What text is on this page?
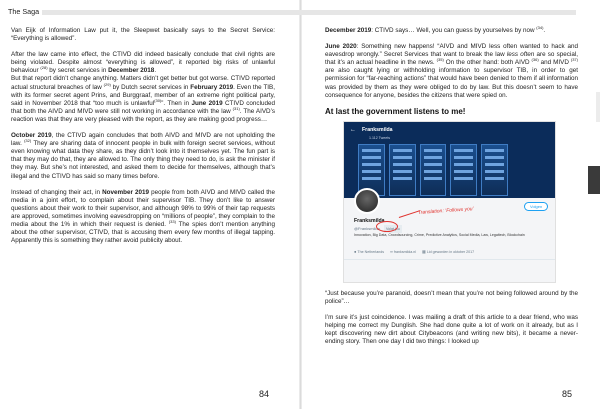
The Saga

Van Eijk of Information Law put it, the Sleepwet basically says to the Secret Service: “Everything is allowed”.

After the law came into effect, the CTIVD did indeed basically conclude that civil rights are being violated. Despite almost “everything is allowed”, it reported big risks of unlawful behaviour $^{(28)}$ by secret services in December 2018.

But that report didn’t change anything. Matters didn’t get better but got worse. CTIVD reported actual structural breaches of law $^{(29)}$ by Dutch secret services in February 2019. Even the TIB, with its former secret agent Prins, and Burggraaf, member of an extreme right political party, said in November 2018 that “too much is unlawful$^{(30)}$”. Then in June 2019 CTIVD concluded that both the AIVD and MIVD were still not working in accordance with the law $^{(31)}$. The AIVD’s reaction was that they are very pleased with the report, as they are making good progress…

October 2019, the CTIVD again concludes that both AIVD and MIVD are not upholding the law. $^{(32)}$ They are sharing data of innocent people in bulk with foreign secret services, without even knowing what data they share, as they didn’t look into it themselves yet. The fun part is that they may do that, they are allowed to. The only thing they need to do, is ask the minister if they may. But she’s not interested, and asked them to decide for themselves, although that’s illegal and the CTIVD has said so many times before.

Instead of changing their act, in November 2019 people from both AIVD and MIVD called the media in a joint effort, to complain about their supervisor TIB. They don’t like to answer questions about their work to their supervisor, and although 98% to 99% of their tap requests are approved, sometimes involving eavesdropping on “millions of people”, they complain to the media about the 1% in which their request is denied. $^{(33)}$ The spies don’t mention anything about the other supervisor, CTIVD, that is accusing them every few months of illegal tapping. Apparently this is something they rather avoid publicity about.

84

December 2019: CTIVD says… Well, you can guess by yourselves by now $^{(34)}$.

June 2020: Something new happens! “AIVD and MIVD less often wanted to hack and eavesdrop wrongly.” Secret Services that want to break the law less often are so special, that it’s an actual headline in the news. $^{(35)}$ On the other hand: both AIVD $^{(36)}$ and MIVD $^{(37)}$ are also caught lying or withholding information to supervisor TIB, in order to get permission for “far-reaching actions” that would have been denied to them if all information was provided by them as they were obliged to do by law. But this doesn’t seem to have consequence for anyone, besides the citizens that were spied on.

At last the government listens to me!
← Franksmilda
1.112 Tweets
Volgen
Franksmilda
@Franksmilda Volgt jou
Translation: ‘Follows you’
Innovation, Big Data, Crowdsourcing, Crime, Predictive Analytics, Social Media, Law, Legaltech, Blockchain
●The Netherlands ∞franksmilda.nl ▦Lid geworden in oktober 2017

“Just because you’re paranoid, doesn’t mean that you’re not being followed around by the police”…

I’m sure it’s just coincidence. I was mailing a draft of this article to a dear friend, who was helping me correct my Dunglish. She had done quite a lot of work on it already, but as I kept discovering new dirt about Citybeacons (and writing new bits), it became a never-ending story. Then one day I did two things: I looked up

85
